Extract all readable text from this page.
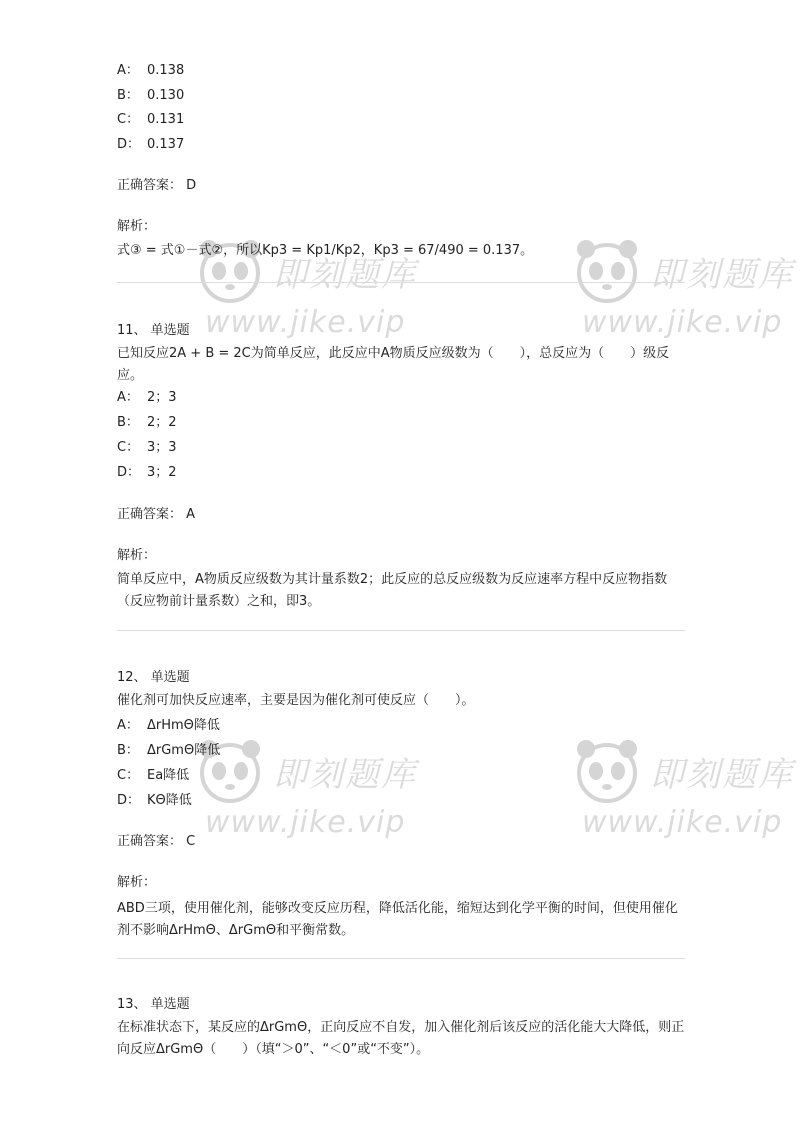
即刻题库
www.jike.vip
即刻题库
www.jike.vip
即刻题库
www.jike.vip
即刻题库
www.jike.vip
A： 0.138
B： 0.130
C： 0.131
D： 0.137
正确答案： D
解析：
式③ = 式①－式②，所以Kp3 = Kp1/Kp2，Kp3 = 67/490 = 0.137。
11、 单选题
已知反应2A + B = 2C为简单反应，此反应中A物质反应级数为（　　），总反应为（　　）级反应。
A： 2；3
B： 2；2
C： 3；3
D： 3；2
正确答案： A
解析：
简单反应中，A物质反应级数为其计量系数2；此反应的总反应级数为反应速率方程中反应物指数（反应物前计量系数）之和，即3。
12、 单选题
催化剂可加快反应速率，主要是因为催化剂可使反应（　　）。
A： ΔrHmΘ降低
B： ΔrGmΘ降低
C： Ea降低
D： KΘ降低
正确答案： C
解析：
ABD三项，使用催化剂，能够改变反应历程，降低活化能，缩短达到化学平衡的时间，但使用催化剂不影响ΔrHmΘ、ΔrGmΘ和平衡常数。
13、 单选题
在标准状态下，某反应的ΔrGmΘ，正向反应不自发，加入催化剂后该反应的活化能大大降低，则正向反应ΔrGmΘ（　　）（填“＞0”、“＜0”或“不变”）。
